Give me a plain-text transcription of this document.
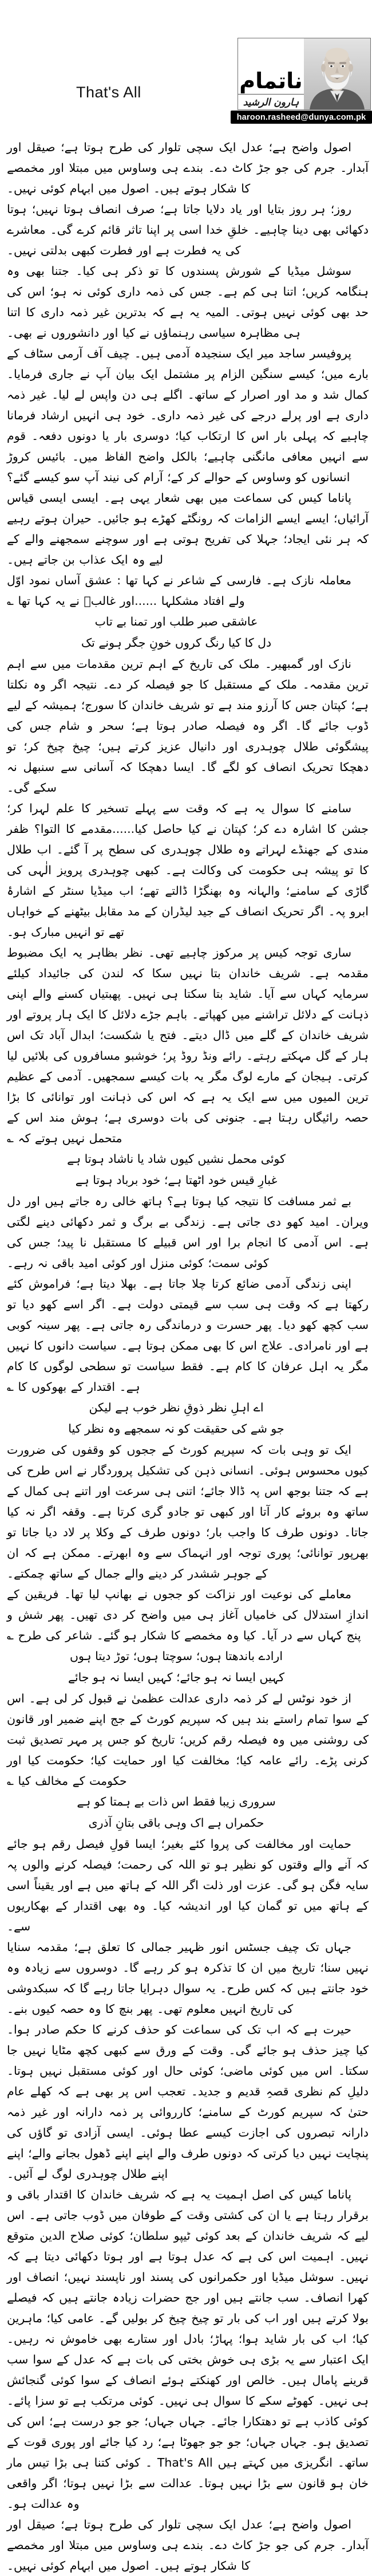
That's All	ناتمام
ہارون الرشید
haroon.rasheed@dunya.com.pk

اصول واضح ہے؛ عدل ایک سچی تلوار کی طرح ہوتا ہے؛ صیقل اور آبدار۔ جرم کی جو جڑ کاٹ دے۔ بندے ہی وساوس میں مبتلا اور مخمصے کا شکار ہوتے ہیں۔ اصول میں ابہام کوئی نہیں۔

روز؛ ہر روز بتایا اور یاد دلایا جاتا ہے؛ صرف انصاف ہوتا نہیں؛ ہوتا دکھائی بھی دینا چاہیے۔ خلقِ خدا اسی پر اپنا تاثر قائم کرے گی۔ معاشرے کی یہ فطرت ہے اور فطرت کبھی بدلتی نہیں۔

سوشل میڈیا کے شورش پسندوں کا تو ذکر ہی کیا۔ جتنا بھی وہ ہنگامہ کریں؛ اتنا ہی کم ہے۔ جس کی ذمہ داری کوئی نہ ہو؛ اس کی حد بھی کوئی نہیں ہوتی۔ المیہ یہ ہے کہ بدترین غیر ذمہ داری کا اتنا ہی مظاہرہ سیاسی رہنماؤں نے کیا اور دانشوروں نے بھی۔

پروفیسر ساجد میر ایک سنجیدہ آدمی ہیں۔ چیف آف آرمی سٹاف کے بارے میں؛ کیسے سنگین الزام پر مشتمل ایک بیان آپ نے جاری فرمایا۔ کمال شد و مد اور اصرار کے ساتھ۔ اگلے ہی دن واپس لے لیا۔ غیر ذمہ داری ہے اور پرلے درجے کی غیر ذمہ داری۔ خود ہی انہیں ارشاد فرمانا چاہیے کہ پہلی بار اس کا ارتکاب کیا؛ دوسری بار یا دونوں دفعہ۔ قوم سے انہیں معافی مانگنی چاہیے؛ بالکل واضح الفاظ میں۔ بائیس کروڑ انسانوں کو وساوس کے حوالے کر کے؛ آرام کی نیند آپ سو کیسے گئے؟

پاناما کیس کی سماعت میں بھی شعار یہی ہے۔ ایسی ایسی قیاس آرائیاں؛ ایسے ایسے الزامات کہ رونگٹے کھڑے ہو جائیں۔ حیران ہوتے رہیے کہ ہر نئی ایجاد؛ جہلا کی تفریح ہوتی ہے اور سوچنے سمجھنے والے کے لیے وہ ایک عذاب بن جاتے ہیں۔

معاملہ نازک ہے۔ فارسی کے شاعر نے کہا تھا : عشق آساں نمود اوّل ولے افتاد مشکلہا ......اور غالبؔ نے یہ کہا تھا ؎

عاشقی صبر طلب اور تمنا بے تاب
دل کا کیا رنگ کروں خونِ جگر ہونے تک

نازک اور گمبھیر۔ ملک کی تاریخ کے اہم ترین مقدمات میں سے اہم ترین مقدمہ۔ ملک کے مستقبل کا جو فیصلہ کر دے۔ نتیجہ اگر وہ نکلتا ہے؛ کپتان جس کا آرزو مند ہے تو شریف خاندان کا سورج؛ ہمیشہ کے لیے ڈوب جائے گا۔ اگر وہ فیصلہ صادر ہوتا ہے؛ سحر و شام جس کی پیشگوئی طلال چوہدری اور دانیال عزیز کرتے ہیں؛ چیخ چیخ کر؛ تو دھچکا تحریک انصاف کو لگے گا۔ ایسا دھچکا کہ آسانی سے سنبھل نہ سکے گی۔

سامنے کا سوال یہ ہے کہ وقت سے پہلے تسخیر کا علم لہرا کر؛ جشن کا اشارہ دے کر؛ کپتان نے کیا حاصل کیا......مقدمے کا التوا؟ ظفر مندی کے جھنڈے لہراتے وہ طلال چوہدری کی سطح پر آ گئے۔ اب طلال کا تو پیشہ ہی حکومت کی وکالت ہے۔ کبھی چوہدری پرویز الٰہی کی گاڑی کے سامنے؛ والہانہ وہ بھنگڑا ڈالتے تھے؛ اب میڈیا سنٹر کے اشارۂ ابرو پہ۔ اگر تحریک انصاف کے جید لیڈران کے مد مقابل بیٹھنے کے خواہاں تھے تو انہیں مبارک ہو۔

ساری توجہ کیس پر مرکوز چاہیے تھی۔ نظر بظاہر یہ ایک مضبوط مقدمہ ہے۔ شریف خاندان بتا نہیں سکا کہ لندن کی جائیداد کیلئے سرمایہ کہاں سے آیا۔ شاید بتا سکتا ہی نہیں۔ پھبتیاں کسنے والے اپنی ذہانت کے دلائل تراشنے میں کھپاتے۔ باہم جڑے دلائل کا ایک ہار پروتے اور شریف خاندان کے گلے میں ڈال دیتے۔ فتح یا شکست؛ ابدال آباد تک اس ہار کے گل مہکتے رہتے۔ رائے ونڈ روڈ پر؛ خوشبو مسافروں کی بلائیں لیا کرتی۔ ہیجان کے مارے لوگ مگر یہ بات کیسے سمجھیں۔ آدمی کے عظیم ترین المیوں میں سے ایک یہ ہے کہ اس کی ذہانت اور توانائی کا بڑا حصہ رائیگاں رہتا ہے۔ جنونی کی بات دوسری ہے؛ ہوش مند اس کے متحمل نہیں ہوتے کہ ؎

کوئی محمل نشیں کیوں شاد یا ناشاد ہوتا ہے
غبارِ قیس خود اٹھتا ہے؛ خود برباد ہوتا ہے

بے ثمر مسافت کا نتیجہ کیا ہوتا ہے؟ ہاتھ خالی رہ جاتے ہیں اور دل ویران۔ امید کھو دی جاتی ہے۔ زندگی بے برگ و ثمر دکھائی دینے لگتی ہے۔ اس آدمی کا انجام برا اور اس قبیلے کا مستقبل نا پید؛ جس کی کوئی سمت؛ کوئی منزل اور کوئی امید باقی نہ رہے۔

اپنی زندگی آدمی ضائع کرتا چلا جاتا ہے۔ بھلا دیتا ہے؛ فراموش کئے رکھتا ہے کہ وقت ہی سب سے قیمتی دولت ہے۔ اگر اسے کھو دیا تو سب کچھ کھو دیا۔ پھر حسرت و درماندگی رہ جاتی ہے۔ پھر سینہ کوبی ہے اور نامرادی۔ علاج اس کا بھی ممکن ہوتا ہے۔ سیاست دانوں کا نہیں مگر یہ اہل عرفان کا کام ہے۔ فقط سیاست تو سطحی لوگوں کا کام ہے۔ اقتدار کے بھوکوں کا ؎

اے اہلِ نظر ذوقِ نظر خوب ہے لیکن
جو شے کی حقیقت کو نہ سمجھے وہ نظر کیا

ایک تو وہی بات کہ سپریم کورٹ کے ججوں کو وقفوں کی ضرورت کیوں محسوس ہوئی۔ انسانی ذہن کی تشکیل پروردگار نے اس طرح کی ہے کہ جتنا بوجھ اس پہ ڈالا جائے؛ اتنی ہی سرعت اور اتنے ہی کمال کے ساتھ وہ بروئے کار آتا اور کبھی تو جادو گری کرتا ہے۔ وقفہ اگر نہ کیا جاتا۔ دونوں طرف کا واجب بار؛ دونوں طرف کے وکلا پر لاد دیا جاتا تو بھرپور توانائی؛ پوری توجہ اور انہماک سے وہ ابھرتے۔ ممکن ہے کہ ان کے جوہر ششدر کر دینے والے جمال کے ساتھ چمکتے۔

معاملے کی نوعیت اور نزاکت کو ججوں نے بھانپ لیا تھا۔ فریقین کے اندازِ استدلال کی خامیاں آغاز ہی میں واضح کر دی تھیں۔ پھر شش و پنج کہاں سے در آیا۔ کیا وہ مخمصے کا شکار ہو گئے۔ شاعر کی طرح ؎

ارادے باندھتا ہوں؛ سوچتا ہوں؛ توڑ دیتا ہوں
کہیں ایسا نہ ہو جائے؛ کہیں ایسا نہ ہو جائے

از خود نوٹس لے کر ذمہ داری عدالت عظمیٰ نے قبول کر لی ہے۔ اس کے سوا تمام راستے بند ہیں کہ سپریم کورٹ کے جج اپنے ضمیر اور قانون کی روشنی میں وہ فیصلہ رقم کریں؛ تاریخ کو جس پر مہر تصدیق ثبت کرنی پڑے۔ رائے عامہ کیا؛ مخالفت کیا اور حمایت کیا؛ حکومت کیا اور حکومت کے مخالف کیا ؎

سروری زیبا فقط اس ذات بے ہمتا کو ہے
حکمراں ہے اک وہی باقی بتانِ آذری

حمایت اور مخالفت کی پروا کئے بغیر؛ ایسا قولِ فیصل رقم ہو جائے کہ آنے والے وقتوں کو نظیر ہو تو اللہ کی رحمت؛ فیصلہ کرنے والوں پہ سایہ فگن ہو گی۔ عزت اور ذلت اگر اللہ کے ہاتھ میں ہے اور یقیناً اسی کے ہاتھ میں تو گمان کیا اور اندیشہ کیا۔ وہ بھی اقتدار کے بھکاریوں سے۔

جہاں تک چیف جسٹس انور ظہیر جمالی کا تعلق ہے؛ مقدمہ سنایا نہیں سنا؛ تاریخ میں ان کا تذکرہ ہو کر رہے گا۔ دوسروں سے زیادہ وہ خود جانتے ہیں کہ کس طرح۔ یہ سوال دہرایا جاتا رہے گا کہ سبکدوشی کی تاریخ انہیں معلوم تھی۔ پھر بنچ کا وہ حصہ کیوں بنے۔

حیرت ہے کہ اب تک کی سماعت کو حذف کرنے کا حکم صادر ہوا۔ کیا چیز حذف ہو جائے گی۔ وقت کے ورق سے کبھی کچھ مٹایا نہیں جا سکتا۔ اس میں کوئی ماضی؛ کوئی حال اور کوئی مستقبل نہیں ہوتا۔ دلیلِ کم نظری قصہِ قدیم و جدید۔ تعجب اس پر بھی ہے کہ کھلے عام حتیٰ کہ سپریم کورٹ کے سامنے؛ کارروائی پر ذمہ دارانہ اور غیر ذمہ دارانہ تبصروں کی اجازت کیسے عطا ہوئی۔ ایسی آزادی تو گاؤں کی پنچایت نہیں دیا کرتی کہ دونوں طرف والے اپنے اپنے ڈھول بجانے والے؛ اپنے اپنے طلال چوہدری لوگ لے آئیں۔

پاناما کیس کی اصل اہمیت یہ ہے کہ شریف خاندان کا اقتدار باقی و برقرار رہتا ہے یا ان کی کشتی وقت کے طوفان میں ڈوب جاتی ہے۔ اس لیے کہ شریف خاندان کے بعد کوئی ٹیپو سلطان؛ کوئی صلاح الدین متوقع نہیں۔ اہمیت اس کی ہے کہ عدل ہوتا ہے اور ہوتا دکھائی دیتا ہے کہ نہیں۔ سوشل میڈیا اور حکمرانوں کی پسند اور ناپسند نہیں؛ انصاف اور کھرا انصاف۔ سب جانتے ہیں اور جج حضرات زیادہ جانتے ہیں کہ فیصلے بولا کرتے ہیں اور اب کی بار تو چیخ چیخ کر بولیں گے۔ عامی کیا؛ ماہرین کیا؛ اب کی بار شاید ہوا؛ پہاڑ؛ بادل اور ستارے بھی خاموش نہ رہیں۔ ایک اعتبار سے یہ بڑی ہی خوش بختی کی بات ہے کہ عدل کے سوا سب قرینے پامال ہیں۔ خالص اور کھنکتے ہوئے انصاف کے سوا کوئی گنجائش ہی نہیں۔ کھوٹے سکے کا سوال ہی نہیں۔ کوئی مرتکب ہے تو سزا پائے۔ کوئی کاذب ہے تو دھتکارا جائے۔ جہاں جہاں؛ جو جو درست ہے؛ اس کی تصدیق ہو۔ جہاں جہاں؛ جو جو جھوٹا ہے؛ رد کیا جائے اور پوری قوت کے ساتھ۔ انگریزی میں کہتے ہیں That's All ۔ کوئی کتنا ہی بڑا تیس مار خان ہو قانون سے بڑا نہیں ہوتا۔ عدالت سے بڑا نہیں ہوتا؛ اگر واقعی وہ عدالت ہو۔

اصول واضح ہے؛ عدل ایک سچی تلوار کی طرح ہوتا ہے؛ صیقل اور آبدار۔ جرم کی جو جڑ کاٹ دے۔ بندے ہی وساوس میں مبتلا اور مخمصے کا شکار ہوتے ہیں۔ اصول میں ابہام کوئی نہیں۔
